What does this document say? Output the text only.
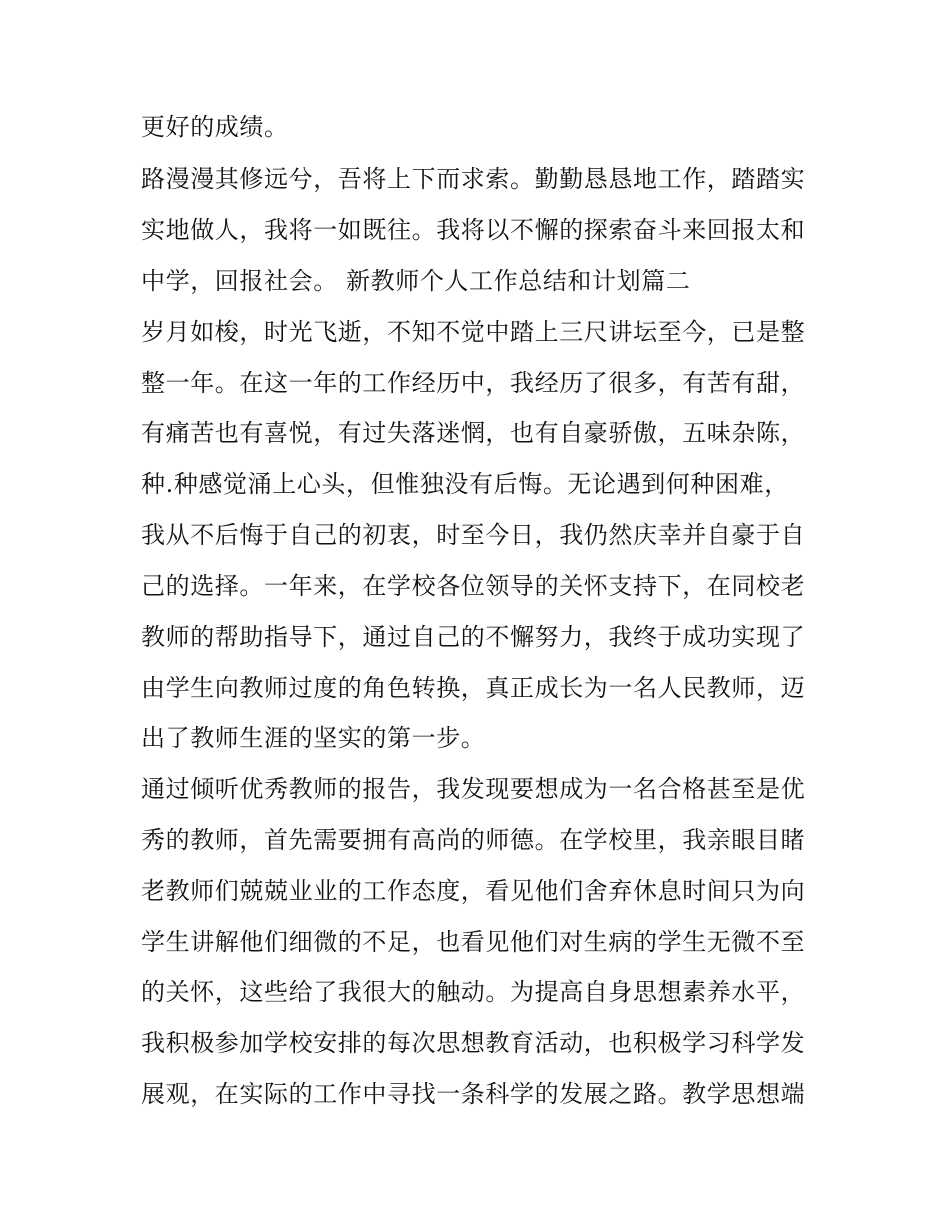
更好的成绩。
路漫漫其修远兮，吾将上下而求索。勤勤恳恳地工作，踏踏实
实地做人，我将一如既往。我将以不懈的探索奋斗来回报太和
中学，回报社会。 新教师个人工作总结和计划篇二
岁月如梭，时光飞逝，不知不觉中踏上三尺讲坛至今，已是整
整一年。在这一年的工作经历中，我经历了很多，有苦有甜，
有痛苦也有喜悦，有过失落迷惘，也有自豪骄傲，五味杂陈，
种.种感觉涌上心头，但惟独没有后悔。无论遇到何种困难，
我从不后悔于自己的初衷，时至今日，我仍然庆幸并自豪于自
己的选择。一年来，在学校各位领导的关怀支持下，在同校老
教师的帮助指导下，通过自己的不懈努力，我终于成功实现了
由学生向教师过度的角色转换，真正成长为一名人民教师，迈
出了教师生涯的坚实的第一步。
通过倾听优秀教师的报告，我发现要想成为一名合格甚至是优
秀的教师，首先需要拥有高尚的师德。在学校里，我亲眼目睹
老教师们兢兢业业的工作态度，看见他们舍弃休息时间只为向
学生讲解他们细微的不足，也看见他们对生病的学生无微不至
的关怀，这些给了我很大的触动。为提高自身思想素养水平，
我积极参加学校安排的每次思想教育活动，也积极学习科学发
展观，在实际的工作中寻找一条科学的发展之路。教学思想端
